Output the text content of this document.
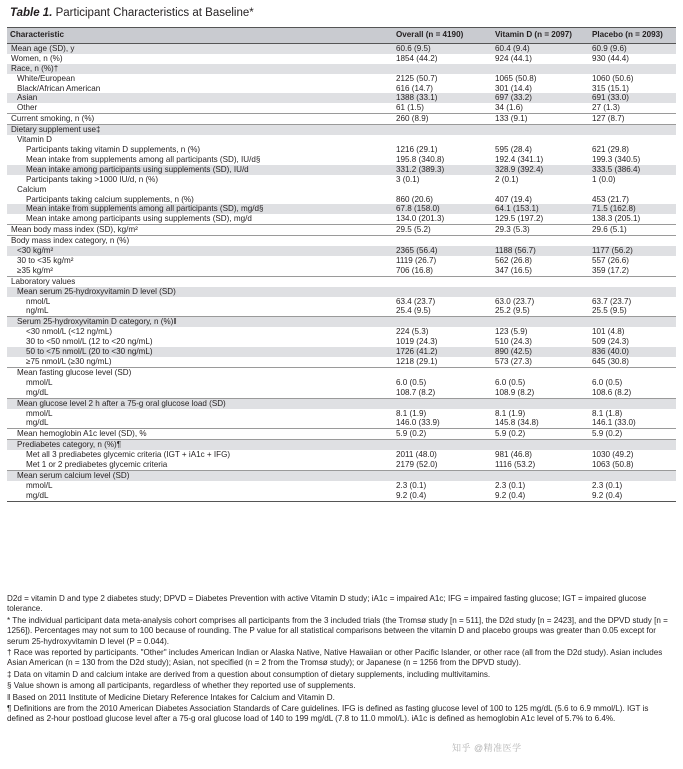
Table 1. Participant Characteristics at Baseline*
Characteristic	Overall (n = 4190)	Vitamin D (n = 2097)	Placebo (n = 2093)
Mean age (SD), y	60.6 (9.5)	60.4 (9.4)	60.9 (9.6)
Women, n (%)	1854 (44.2)	924 (44.1)	930 (44.4)
Race, n (%)†			
White/European	2125 (50.7)	1065 (50.8)	1060 (50.6)
Black/African American	616 (14.7)	301 (14.4)	315 (15.1)
Asian	1388 (33.1)	697 (33.2)	691 (33.0)
Other	61 (1.5)	34 (1.6)	27 (1.3)
Current smoking, n (%)	260 (8.9)	133 (9.1)	127 (8.7)
Dietary supplement use‡			
Vitamin D			
Participants taking vitamin D supplements, n (%)	1216 (29.1)	595 (28.4)	621 (29.8)
Mean intake from supplements among all participants (SD), IU/d§	195.8 (340.8)	192.4 (341.1)	199.3 (340.5)
Mean intake among participants using supplements (SD), IU/d	331.2 (389.3)	328.9 (392.4)	333.5 (386.4)
Participants taking >1000 IU/d, n (%)	3 (0.1)	2 (0.1)	1 (0.0)
Calcium			
Participants taking calcium supplements, n (%)	860 (20.6)	407 (19.4)	453 (21.7)
Mean intake from supplements among all participants (SD), mg/d§	67.8 (158.0)	64.1 (153.1)	71.5 (162.8)
Mean intake among participants using supplements (SD), mg/d	134.0 (201.3)	129.5 (197.2)	138.3 (205.1)
Mean body mass index (SD), kg/m²	29.5 (5.2)	29.3 (5.3)	29.6 (5.1)
Body mass index category, n (%)			
<30 kg/m²	2365 (56.4)	1188 (56.7)	1177 (56.2)
30 to <35 kg/m²	1119 (26.7)	562 (26.8)	557 (26.6)
≥35 kg/m²	706 (16.8)	347 (16.5)	359 (17.2)
Laboratory values			
Mean serum 25-hydroxyvitamin D level (SD)			
nmol/L	63.4 (23.7)	63.0 (23.7)	63.7 (23.7)
ng/mL	25.4 (9.5)	25.2 (9.5)	25.5 (9.5)
Serum 25-hydroxyvitamin D category, n (%)‖			
<30 nmol/L (<12 ng/mL)	224 (5.3)	123 (5.9)	101 (4.8)
30 to <50 nmol/L (12 to <20 ng/mL)	1019 (24.3)	510 (24.3)	509 (24.3)
50 to <75 nmol/L (20 to <30 ng/mL)	1726 (41.2)	890 (42.5)	836 (40.0)
≥75 nmol/L (≥30 ng/mL)	1218 (29.1)	573 (27.3)	645 (30.8)
Mean fasting glucose level (SD)			
mmol/L	6.0 (0.5)	6.0 (0.5)	6.0 (0.5)
mg/dL	108.7 (8.2)	108.9 (8.2)	108.6 (8.2)
Mean glucose level 2 h after a 75-g oral glucose load (SD)			
mmol/L	8.1 (1.9)	8.1 (1.9)	8.1 (1.8)
mg/dL	146.0 (33.9)	145.8 (34.8)	146.1 (33.0)
Mean hemoglobin A1c level (SD), %	5.9 (0.2)	5.9 (0.2)	5.9 (0.2)
Prediabetes category, n (%)¶			
Met all 3 prediabetes glycemic criteria (IGT + iA1c + IFG)	2011 (48.0)	981 (46.8)	1030 (49.2)
Met 1 or 2 prediabetes glycemic criteria	2179 (52.0)	1116 (53.2)	1063 (50.8)
Mean serum calcium level (SD)			
mmol/L	2.3 (0.1)	2.3 (0.1)	2.3 (0.1)
mg/dL	9.2 (0.4)	9.2 (0.4)	9.2 (0.4)

D2d = vitamin D and type 2 diabetes study; DPVD = Diabetes Prevention with active Vitamin D study; iA1c = impaired A1c; IFG = impaired fasting glucose; IGT = impaired glucose tolerance.

* The individual participant data meta-analysis cohort comprises all participants from the 3 included trials (the Tromsø study [n = 511], the D2d study [n = 2423], and the DPVD study [n = 1256]). Percentages may not sum to 100 because of rounding. The P value for all statistical comparisons between the vitamin D and placebo groups was greater than 0.05 except for serum 25-hydroxyvitamin D level (P = 0.044).

† Race was reported by participants. "Other" includes American Indian or Alaska Native, Native Hawaiian or other Pacific Islander, or other race (all from the D2d study). Asian includes Asian American (n = 130 from the D2d study); Asian, not specified (n = 2 from the Tromsø study); or Japanese (n = 1256 from the DPVD study).

‡ Data on vitamin D and calcium intake are derived from a question about consumption of dietary supplements, including multivitamins.

§ Value shown is among all participants, regardless of whether they reported use of supplements.

‖ Based on 2011 Institute of Medicine Dietary Reference Intakes for Calcium and Vitamin D.

¶ Definitions are from the 2010 American Diabetes Association Standards of Care guidelines. IFG is defined as fasting glucose level of 100 to 125 mg/dL (5.6 to 6.9 mmol/L). IGT is defined as 2-hour postload glucose level after a 75-g oral glucose load of 140 to 199 mg/dL (7.8 to 11.0 mmol/L). iA1c is defined as hemoglobin A1c level of 5.7% to 6.4%.

知乎 @精准医学
